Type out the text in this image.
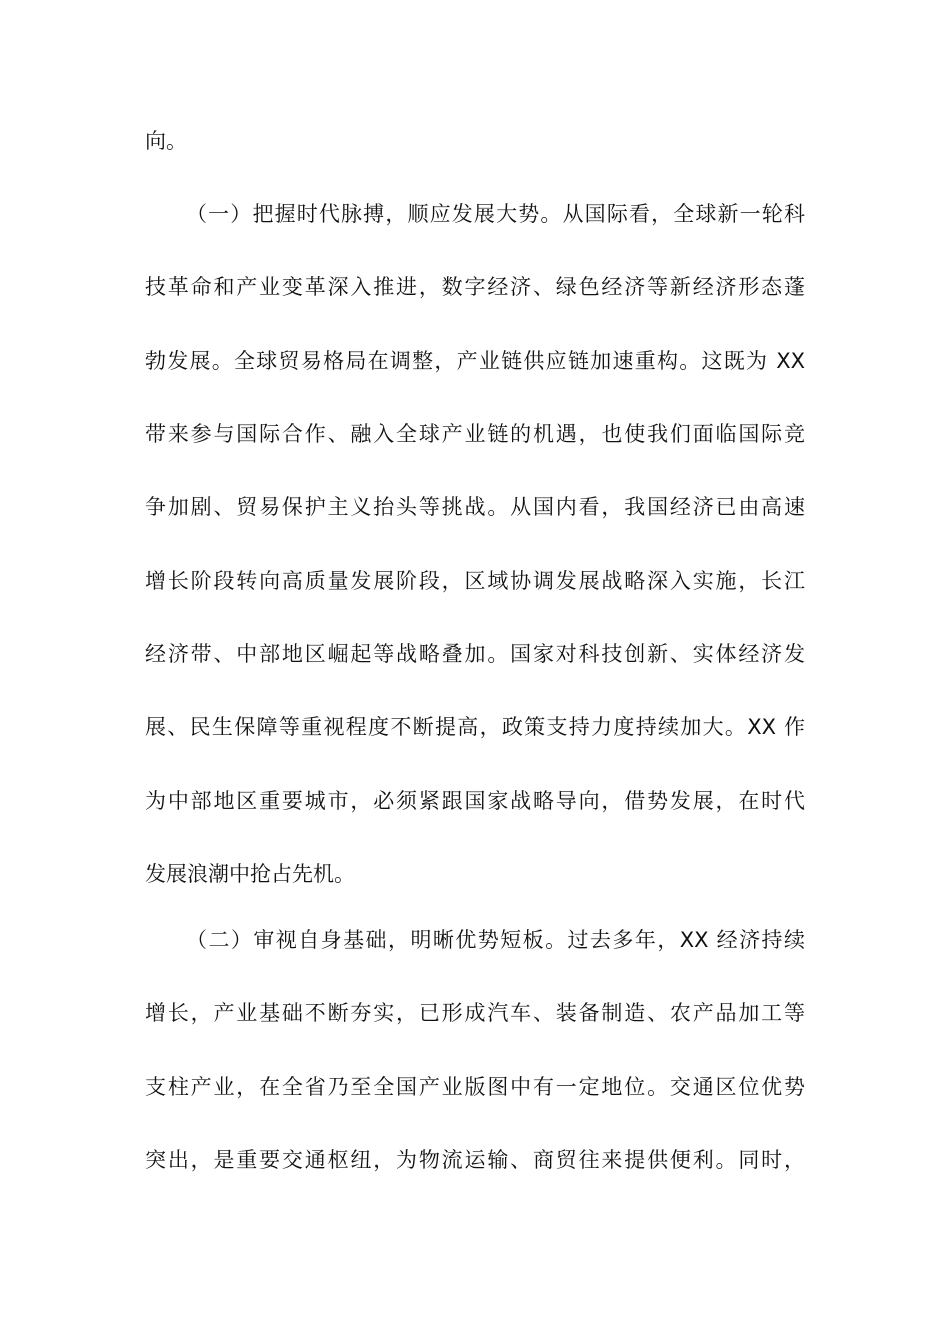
向。
（一）把握时代脉搏，顺应发展大势。从国际看，全球新一轮科
技革命和产业变革深入推进，数字经济、绿色经济等新经济形态蓬
勃发展。全球贸易格局在调整，产业链供应链加速重构。这既为 XX
带来参与国际合作、融入全球产业链的机遇，也使我们面临国际竞
争加剧、贸易保护主义抬头等挑战。从国内看，我国经济已由高速
增长阶段转向高质量发展阶段，区域协调发展战略深入实施，长江
经济带、中部地区崛起等战略叠加。国家对科技创新、实体经济发
展、民生保障等重视程度不断提高，政策支持力度持续加大。XX 作
为中部地区重要城市，必须紧跟国家战略导向，借势发展，在时代
发展浪潮中抢占先机。
（二）审视自身基础，明晰优势短板。过去多年，XX 经济持续
增长，产业基础不断夯实，已形成汽车、装备制造、农产品加工等
支柱产业，在全省乃至全国产业版图中有一定地位。交通区位优势
突出，是重要交通枢纽，为物流运输、商贸往来提供便利。同时，
